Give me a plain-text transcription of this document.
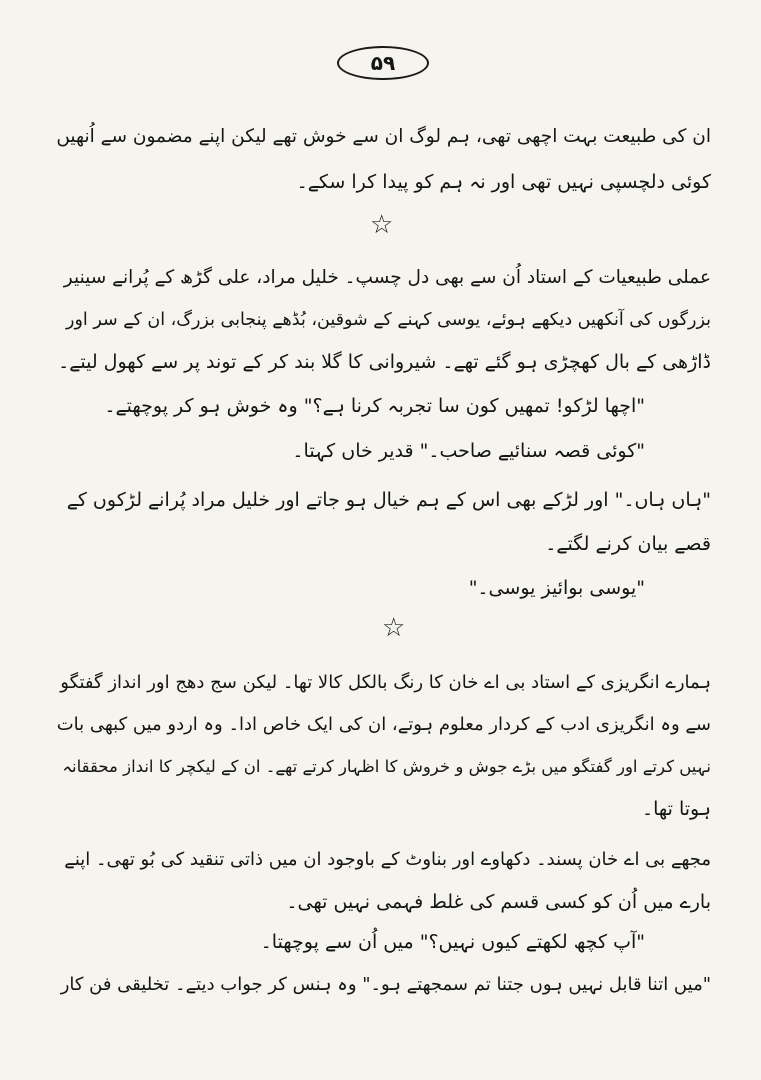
۵۹
ان کی طبیعت بہت اچھی تھی، ہم لوگ ان سے خوش تھے لیکن اپنے مضمون سے اُنھیں
کوئی دلچسپی نہیں تھی اور نہ ہم کو پیدا کرا سکے۔
☆
عملی طبیعیات کے استاد اُن سے بھی دل چسپ۔ خلیل مراد، علی گڑھ کے پُرانے سینیر
بزرگوں کی آنکھیں دیکھے ہوئے، یوسی کہنے کے شوقین، بُڈھے پنجابی بزرگ، ان کے سر اور
ڈاڑھی کے بال کھچڑی ہو گئے تھے۔ شیروانی کا گلا بند کر کے توند پر سے کھول لیتے۔
"اچھا لڑکو! تمھیں کون سا تجربہ کرنا ہے؟" وہ خوش ہو کر پوچھتے۔
"کوئی قصہ سنائیے صاحب۔" قدیر خاں کہتا۔
"ہاں ہاں۔" اور لڑکے بھی اس کے ہم خیال ہو جاتے اور خلیل مراد پُرانے لڑکوں کے
قصے بیان کرنے لگتے۔
"یوسی بوائیز یوسی۔"
☆
ہمارے انگریزی کے استاد بی اے خان کا رنگ بالکل کالا تھا۔ لیکن سج دھج اور انداز گفتگو
سے وہ انگریزی ادب کے کردار معلوم ہوتے، ان کی ایک خاص ادا۔ وہ اردو میں کبھی بات
نہیں کرتے اور گفتگو میں بڑے جوش و خروش کا اظہار کرتے تھے۔ ان کے لیکچر کا انداز محققانہ
ہوتا تھا۔
مجھے بی اے خان پسند۔ دکھاوے اور بناوٹ کے باوجود ان میں ذاتی تنقید کی بُو تھی۔ اپنے
بارے میں اُن کو کسی قسم کی غلط فہمی نہیں تھی۔
"آپ کچھ لکھتے کیوں نہیں؟" میں اُن سے پوچھتا۔
"میں اتنا قابل نہیں ہوں جتنا تم سمجھتے ہو۔" وہ ہنس کر جواب دیتے۔ تخلیقی فن کار
